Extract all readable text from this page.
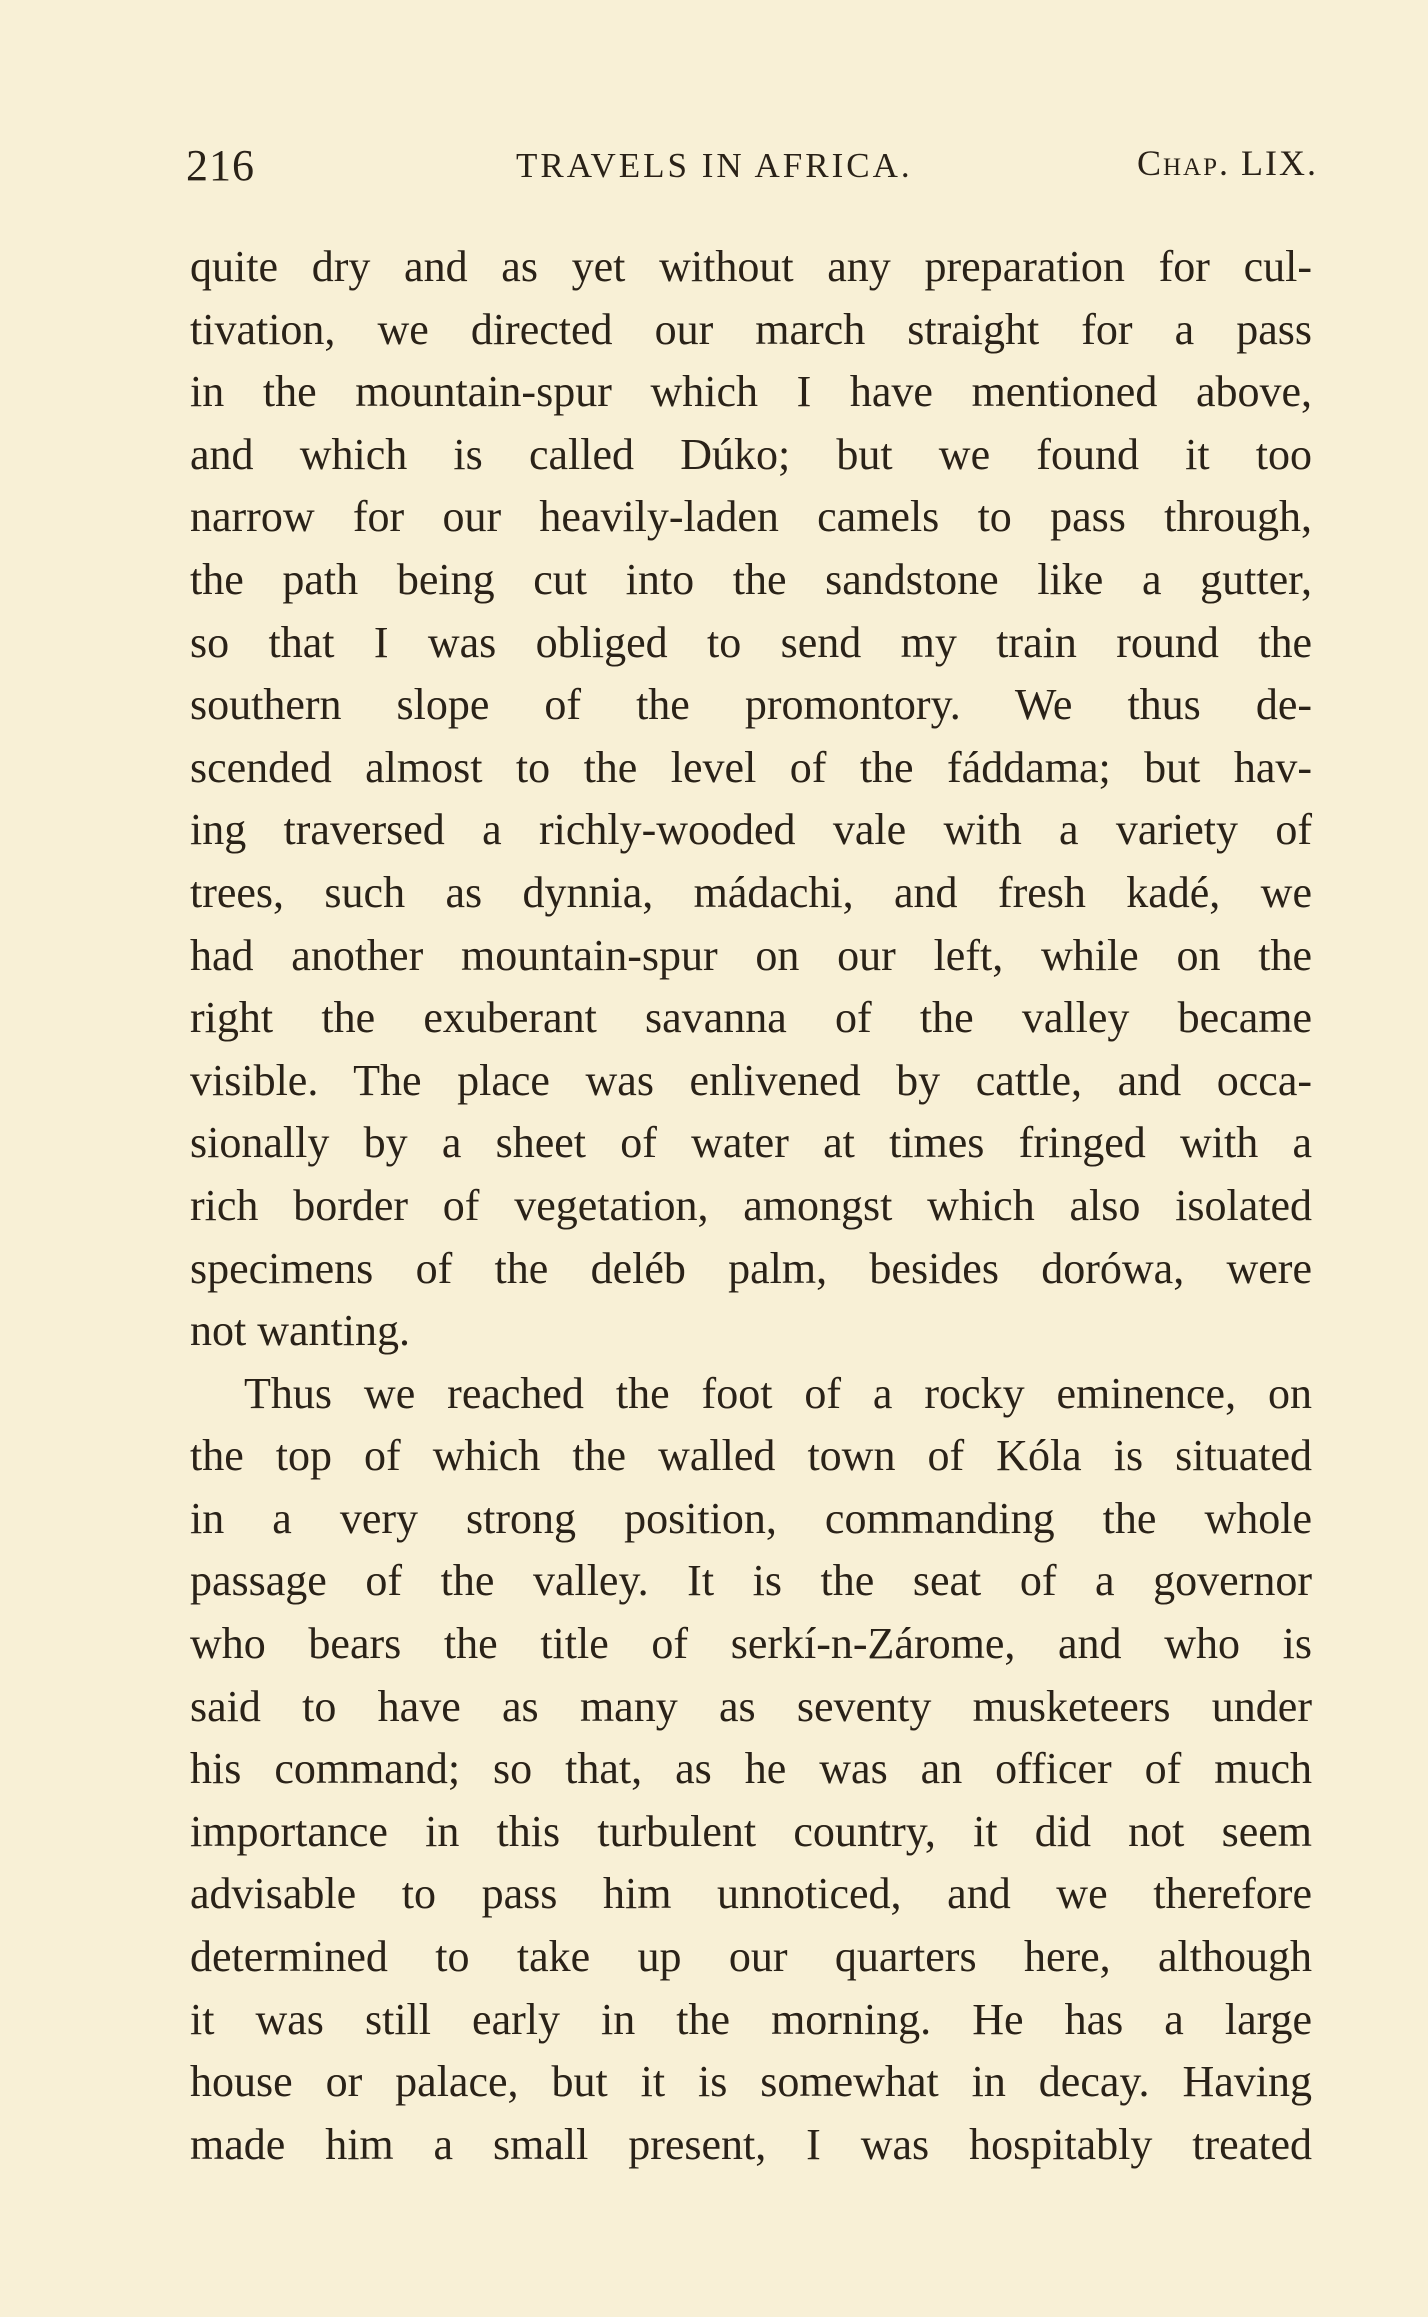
216	TRAVELS IN AFRICA.	Chap. LIX.
quite dry and as yet without any preparation for cul-
tivation, we directed our march straight for a pass
in the mountain-spur which I have mentioned above,
and which is called Dúko; but we found it too
narrow for our heavily-laden camels to pass through,
the path being cut into the sandstone like a gutter,
so that I was obliged to send my train round the
southern slope of the promontory. We thus de-
scended almost to the level of the fáddama; but hav-
ing traversed a richly-wooded vale with a variety of
trees, such as dynnia, mádachi, and fresh kadé, we
had another mountain-spur on our left, while on the
right the exuberant savanna of the valley became
visible. The place was enlivened by cattle, and occa-
sionally by a sheet of water at times fringed with a
rich border of vegetation, amongst which also isolated
specimens of the deléb palm, besides dorówa, were
not wanting.
Thus we reached the foot of a rocky eminence, on
the top of which the walled town of Kóla is situated
in a very strong position, commanding the whole
passage of the valley. It is the seat of a governor
who bears the title of serkí-n-Zárome, and who is
said to have as many as seventy musketeers under
his command; so that, as he was an officer of much
importance in this turbulent country, it did not seem
advisable to pass him unnoticed, and we therefore
determined to take up our quarters here, although
it was still early in the morning. He has a large
house or palace, but it is somewhat in decay. Having
made him a small present, I was hospitably treated
